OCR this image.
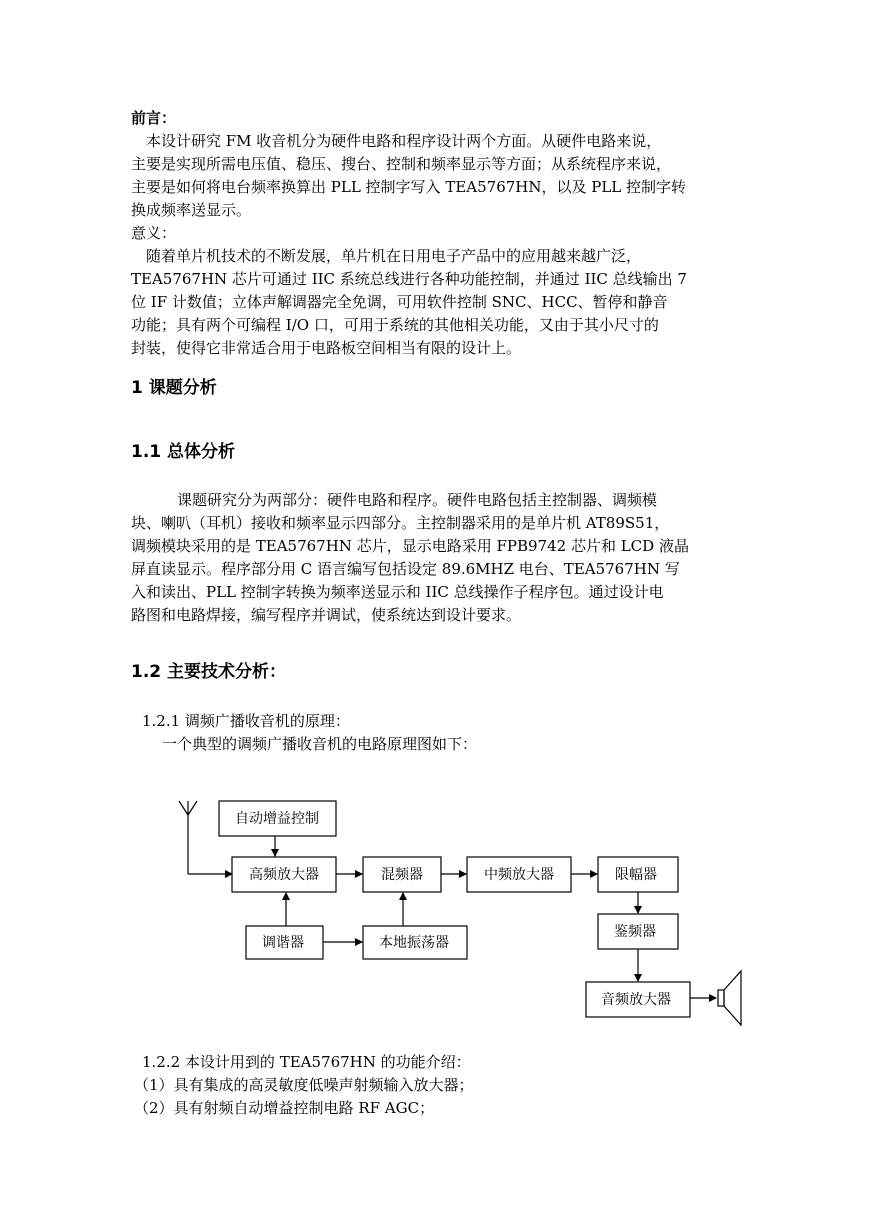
前言：
本设计研究 FM 收音机分为硬件电路和程序设计两个方面。从硬件电路来说，
主要是实现所需电压值、稳压、搜台、控制和频率显示等方面；从系统程序来说，
主要是如何将电台频率换算出 PLL 控制字写入 TEA5767HN，以及 PLL 控制字转
换成频率送显示。
意义：
随着单片机技术的不断发展，单片机在日用电子产品中的应用越来越广泛，
TEA5767HN 芯片可通过 IIC 系统总线进行各种功能控制，并通过 IIC 总线输出 7
位 IF 计数值；立体声解调器完全免调，可用软件控制 SNC、HCC、暂停和静音
功能；具有两个可编程 I/O 口，可用于系统的其他相关功能，又由于其小尺寸的
封装，使得它非常适合用于电路板空间相当有限的设计上。
1 课题分析
1.1 总体分析
课题研究分为两部分：硬件电路和程序。硬件电路包括主控制器、调频模
块、喇叭（耳机）接收和频率显示四部分。主控制器采用的是单片机 AT89S51，
调频模块采用的是 TEA5767HN 芯片，显示电路采用 FPB9742 芯片和 LCD 液晶
屏直读显示。程序部分用 C 语言编写包括设定 89.6MHZ 电台、TEA5767HN 写
入和读出、PLL 控制字转换为频率送显示和 IIC 总线操作子程序包。通过设计电
路图和电路焊接，编写程序并调试，使系统达到设计要求。
1.2 主要技术分析：
1.2.1 调频广播收音机的原理：
一个典型的调频广播收音机的电路原理图如下：
自动增益控制
高频放大器	混频器	中频放大器	限幅器
调谐器	本地振荡器
鉴频器
音频放大器
1.2.2 本设计用到的 TEA5767HN 的功能介绍：
（1）具有集成的高灵敏度低噪声射频输入放大器；
（2）具有射频自动增益控制电路 RF AGC；
